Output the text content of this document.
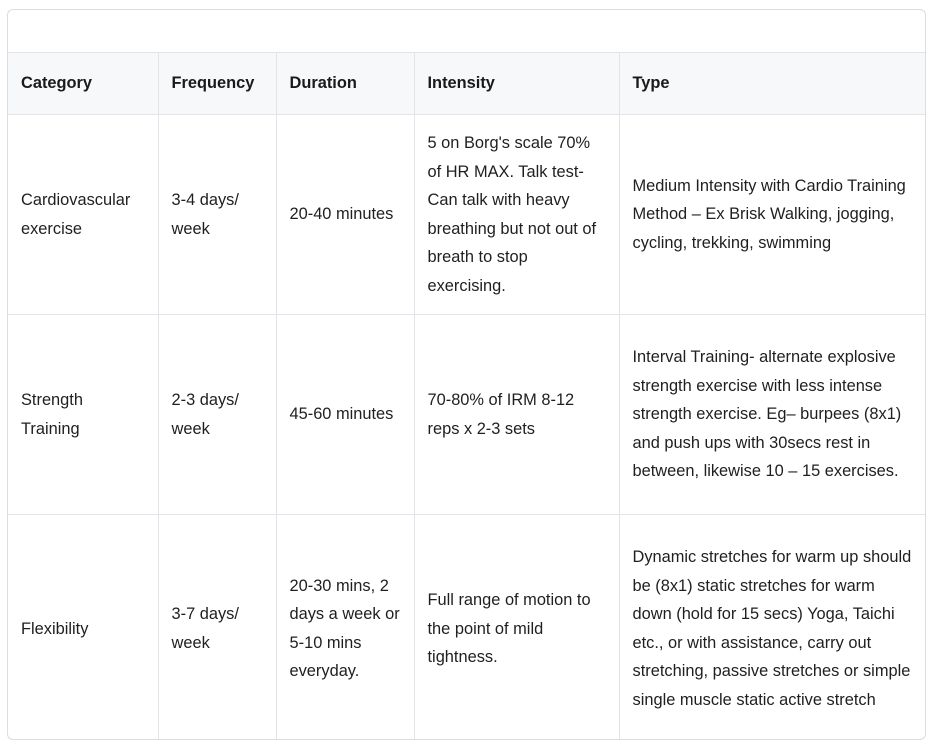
Category	Frequency	Duration	Intensity	Type
Cardiovascular exercise	3-4 days/ week	20-40 minutes	5 on Borg's scale 70% of HR MAX. Talk test- Can talk with heavy breathing but not out of breath to stop exercising.	Medium Intensity with Cardio Training Method – Ex Brisk Walking, jogging, cycling, trekking, swimming
Strength Training	2-3 days/ week	45-60 minutes	70-80% of IRM 8-12 reps x 2-3 sets	Interval Training- alternate explosive strength exercise with less intense strength exercise. Eg– burpees (8x1) and push ups with 30secs rest in between, likewise 10 – 15 exercises.
Flexibility	3-7 days/ week	20-30 mins, 2 days a week or 5-10 mins everyday.	Full range of motion to the point of mild tightness.	Dynamic stretches for warm up should be (8x1) static stretches for warm down (hold for 15 secs) Yoga, Taichi etc., or with assistance, carry out stretching, passive stretches or simple single muscle static active stretch
